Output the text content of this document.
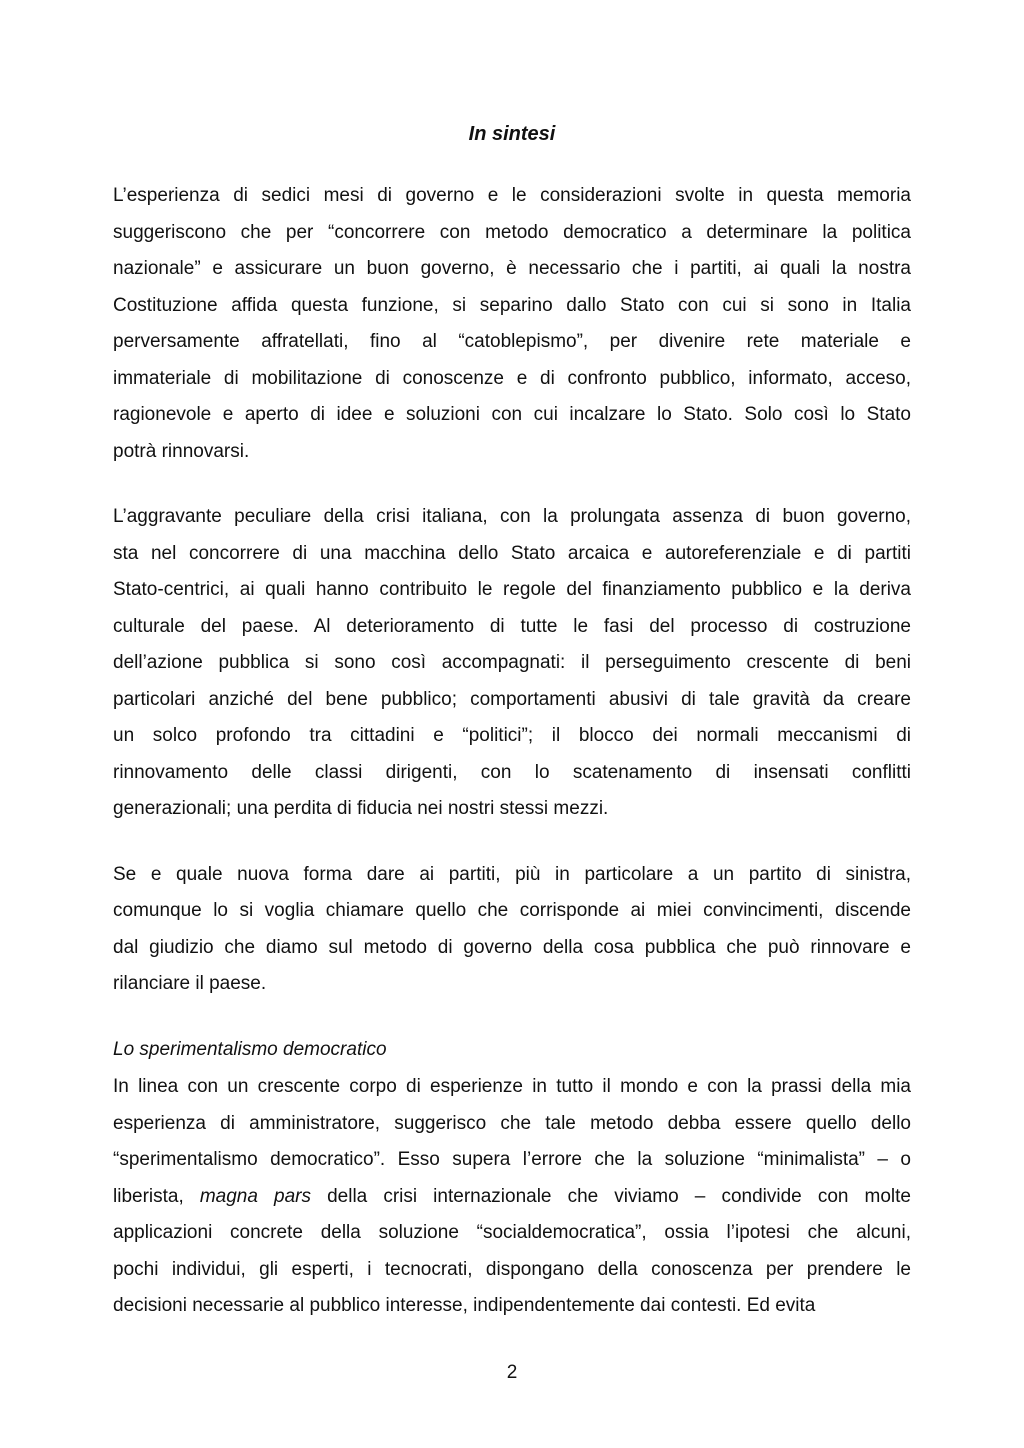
In sintesi
L’esperienza di sedici mesi di governo e le considerazioni svolte in questa memoria
suggeriscono che per “concorrere con metodo democratico a determinare la politica
nazionale” e assicurare un buon governo, è necessario che i partiti, ai quali la nostra
Costituzione affida questa funzione, si separino dallo Stato con cui si sono in Italia
perversamente affratellati, fino al “catoblepismo”, per divenire rete materiale e
immateriale di mobilitazione di conoscenze e di confronto pubblico, informato, acceso,
ragionevole e aperto di idee e soluzioni con cui incalzare lo Stato. Solo così lo Stato
potrà rinnovarsi.
L’aggravante peculiare della crisi italiana, con la prolungata assenza di buon governo,
sta nel concorrere di una macchina dello Stato arcaica e autoreferenziale e di partiti
Stato-centrici, ai quali hanno contribuito le regole del finanziamento pubblico e la deriva
culturale del paese. Al deterioramento di tutte le fasi del processo di costruzione
dell’azione pubblica si sono così accompagnati: il perseguimento crescente di beni
particolari anziché del bene pubblico; comportamenti abusivi di tale gravità da creare
un solco profondo tra cittadini e “politici”; il blocco dei normali meccanismi di
rinnovamento delle classi dirigenti, con lo scatenamento di insensati conflitti
generazionali; una perdita di fiducia nei nostri stessi mezzi.
Se e quale nuova forma dare ai partiti, più in particolare a un partito di sinistra,
comunque lo si voglia chiamare quello che corrisponde ai miei convincimenti, discende
dal giudizio che diamo sul metodo di governo della cosa pubblica che può rinnovare e
rilanciare il paese.
Lo sperimentalismo democratico
In linea con un crescente corpo di esperienze in tutto il mondo e con la prassi della mia
esperienza di amministratore, suggerisco che tale metodo debba essere quello dello
“sperimentalismo democratico”. Esso supera l’errore che la soluzione “minimalista” – o
liberista, magna pars della crisi internazionale che viviamo – condivide con molte
applicazioni concrete della soluzione “socialdemocratica”, ossia l’ipotesi che alcuni,
pochi individui, gli esperti, i tecnocrati, dispongano della conoscenza per prendere le
decisioni necessarie al pubblico interesse, indipendentemente dai contesti. Ed evita
2
